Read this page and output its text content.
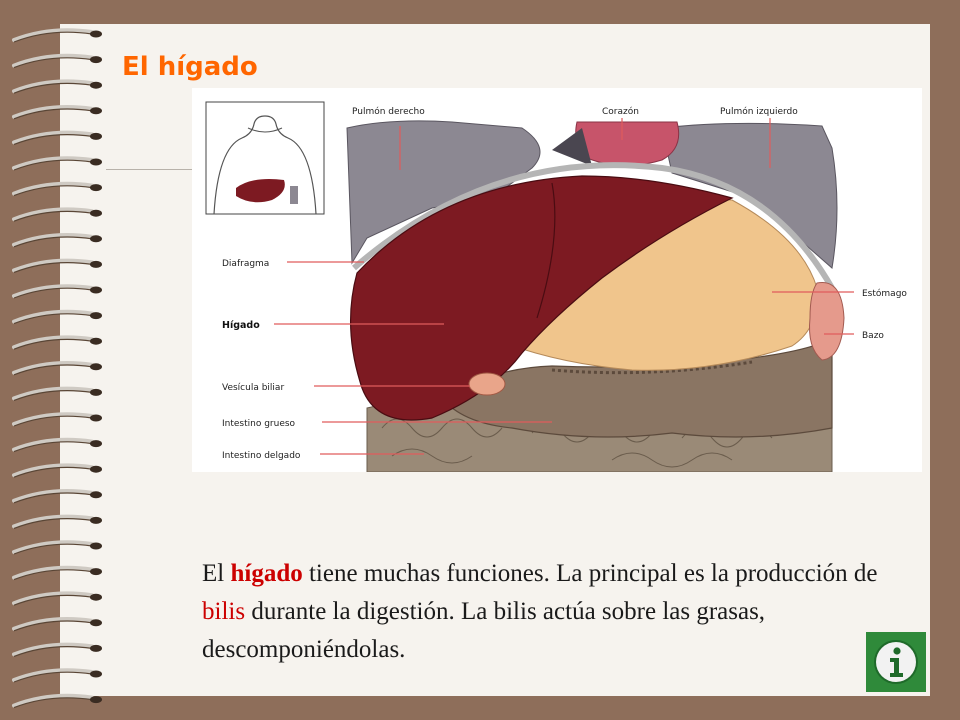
El hígado
Pulmón derecho	Corazón	Pulmón izquierdo
Diafragma
Hígado
Vesícula biliar
Intestino grueso
Intestino delgado
Estómago
Bazo

El hígado tiene muchas funciones. La principal es la producción de bilis durante la digestión. La bilis actúa sobre las grasas, descomponiéndolas.
